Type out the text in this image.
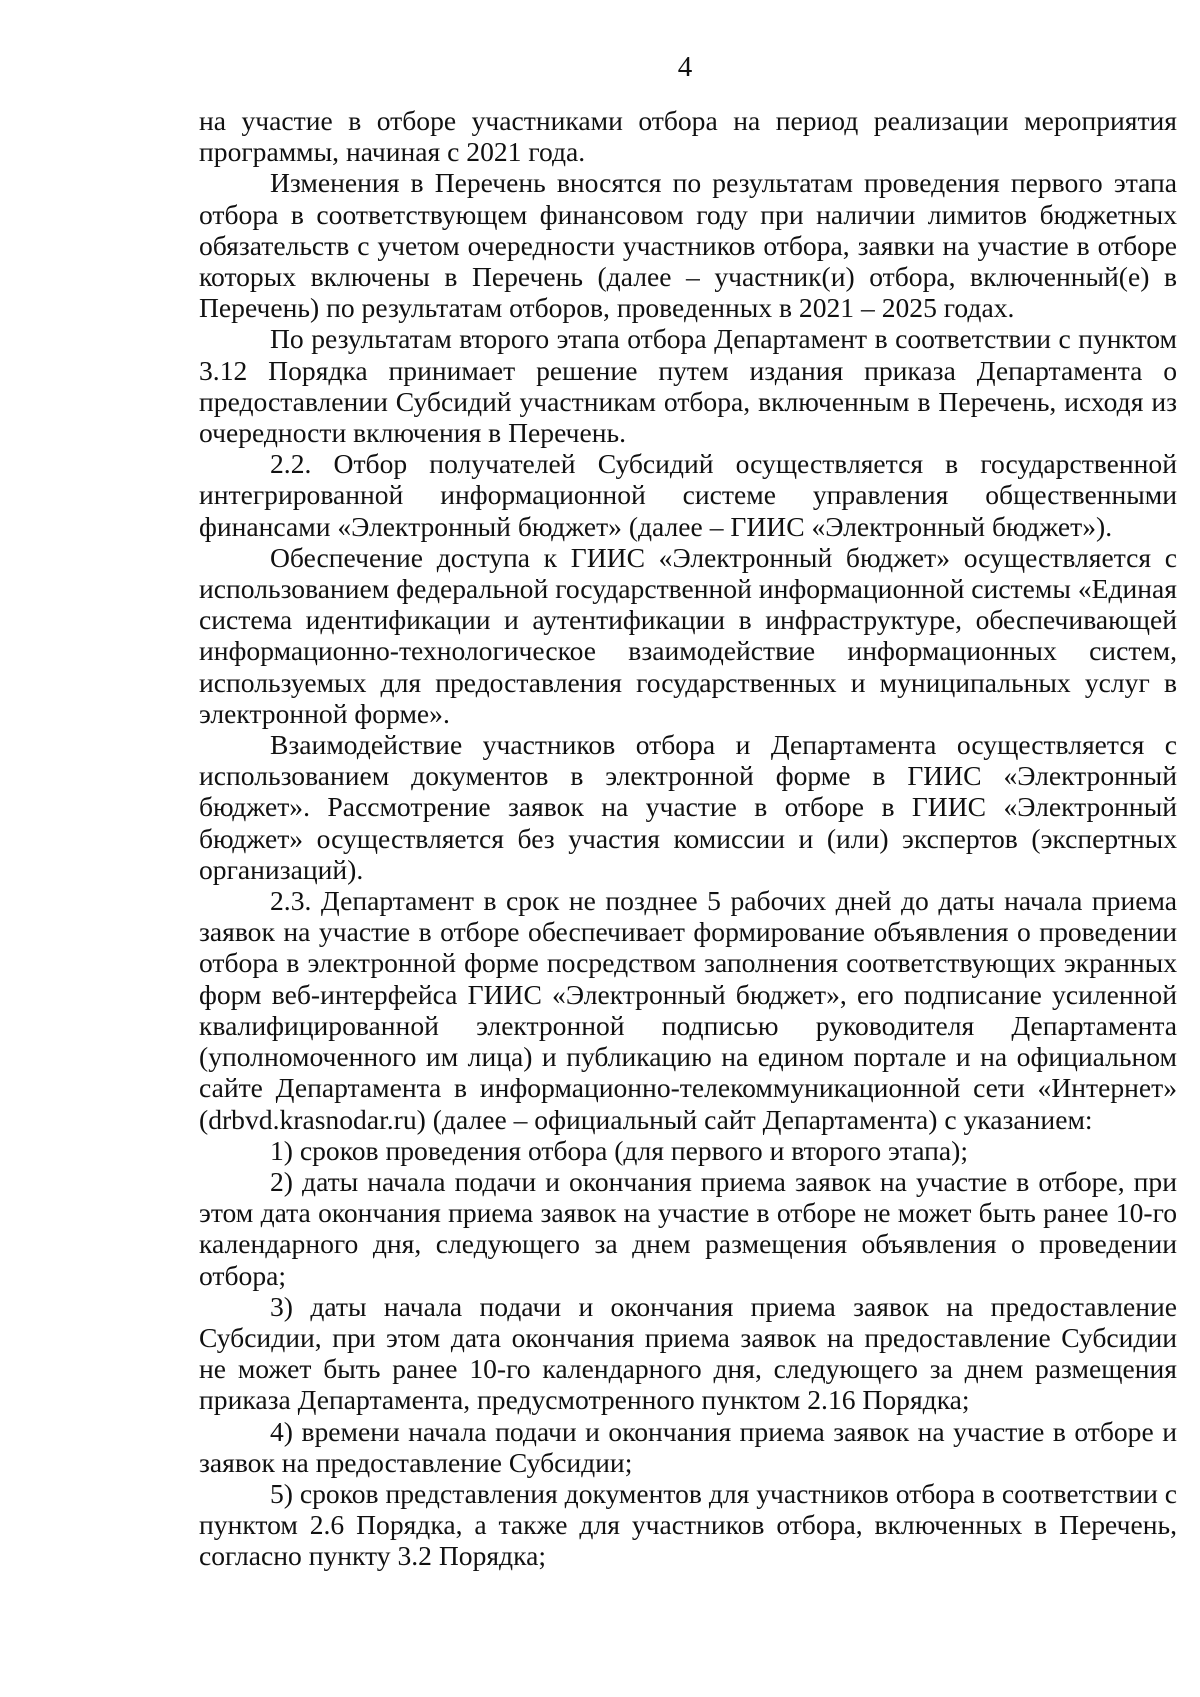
4

на участие в отборе участниками отбора на период реализации мероприятия программы, начиная с 2021 года.

Изменения в Перечень вносятся по результатам проведения первого этапа отбора в соответствующем финансовом году при наличии лимитов бюджетных обязательств с учетом очередности участников отбора, заявки на участие в отборе которых включены в Перечень (далее – участник(и) отбора, включенный(е) в Перечень) по результатам отборов, проведенных в 2021 – 2025 годах.

По результатам второго этапа отбора Департамент в соответствии с пунктом 3.12 Порядка принимает решение путем издания приказа Департамента о предоставлении Субсидий участникам отбора, включенным в Перечень, исходя из очередности включения в Перечень.

2.2. Отбор получателей Субсидий осуществляется в государственной интегрированной информационной системе управления общественными финансами «Электронный бюджет» (далее – ГИИС «Электронный бюджет»).

Обеспечение доступа к ГИИС «Электронный бюджет» осуществляется с использованием федеральной государственной информационной системы «Единая система идентификации и аутентификации в инфраструктуре, обеспечивающей информационно-технологическое взаимодействие информационных систем, используемых для предоставления государственных и муниципальных услуг в электронной форме».

Взаимодействие участников отбора и Департамента осуществляется с использованием документов в электронной форме в ГИИС «Электронный бюджет». Рассмотрение заявок на участие в отборе в ГИИС «Электронный бюджет» осуществляется без участия комиссии и (или) экспертов (экспертных организаций).

2.3. Департамент в срок не позднее 5 рабочих дней до даты начала приема заявок на участие в отборе обеспечивает формирование объявления о проведении отбора в электронной форме посредством заполнения соответствующих экранных форм веб-интерфейса ГИИС «Электронный бюджет», его подписание усиленной квалифицированной электронной подписью руководителя Департамента (уполномоченного им лица) и публикацию на едином портале и на официальном сайте Департамента в информационно-телекоммуникационной сети «Интернет» (drbvd.krasnodar.ru) (далее – официальный сайт Департамента) с указанием:

1) сроков проведения отбора (для первого и второго этапа);

2) даты начала подачи и окончания приема заявок на участие в отборе, при этом дата окончания приема заявок на участие в отборе не может быть ранее 10-го календарного дня, следующего за днем размещения объявления о проведении отбора;

3) даты начала подачи и окончания приема заявок на предоставление Субсидии, при этом дата окончания приема заявок на предоставление Субсидии не может быть ранее 10-го календарного дня, следующего за днем размещения приказа Департамента, предусмотренного пунктом 2.16 Порядка;

4) времени начала подачи и окончания приема заявок на участие в отборе и заявок на предоставление Субсидии;

5) сроков представления документов для участников отбора в соответствии с пунктом 2.6 Порядка, а также для участников отбора, включенных в Перечень, согласно пункту 3.2 Порядка;
